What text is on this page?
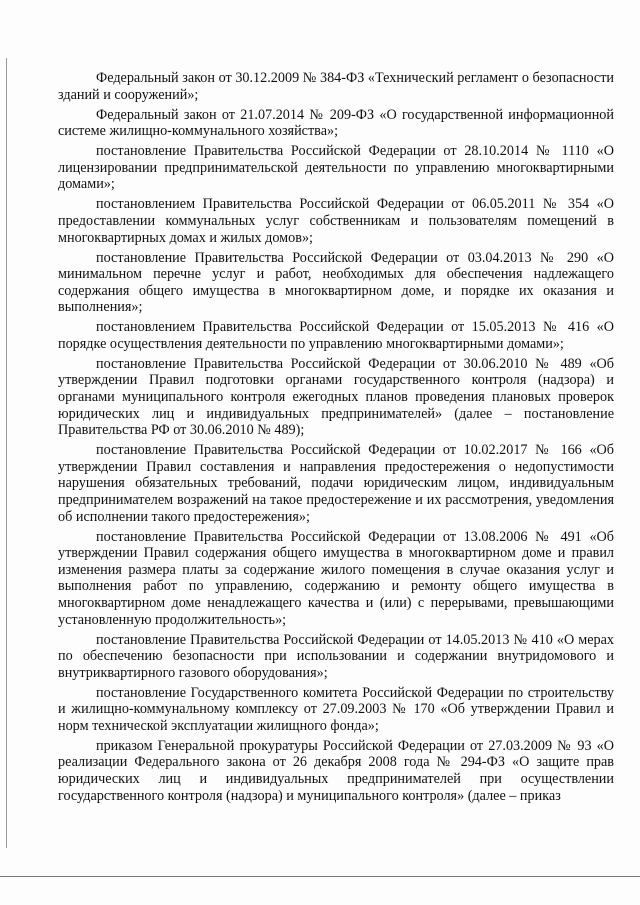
Федеральный закон от 30.12.2009 № 384-ФЗ «Технический регламент о безопасности зданий и сооружений»;

Федеральный закон от 21.07.2014 № 209-ФЗ «О государственной информационной системе жилищно-коммунального хозяйства»;

постановление Правительства Российской Федерации от 28.10.2014 № 1110 «О лицензировании предпринимательской деятельности по управлению многоквартирными домами»;

постановлением Правительства Российской Федерации от 06.05.2011 № 354 «О предоставлении коммунальных услуг собственникам и пользователям помещений в многоквартирных домах и жилых домов»;

постановление Правительства Российской Федерации от 03.04.2013 № 290 «О минимальном перечне услуг и работ, необходимых для обеспечения надлежащего содержания общего имущества в многоквартирном доме, и порядке их оказания и выполнения»;

постановлением Правительства Российской Федерации от 15.05.2013 № 416 «О порядке осуществления деятельности по управлению многоквартирными домами»;

постановление Правительства Российской Федерации от 30.06.2010 № 489 «Об утверждении Правил подготовки органами государственного контроля (надзора) и органами муниципального контроля ежегодных планов проведения плановых проверок юридических лиц и индивидуальных предпринимателей» (далее – постановление Правительства РФ от 30.06.2010 № 489);

постановление Правительства Российской Федерации от 10.02.2017 № 166 «Об утверждении Правил составления и направления предостережения о недопустимости нарушения обязательных требований, подачи юридическим лицом, индивидуальным предпринимателем возражений на такое предостережение и их рассмотрения, уведомления об исполнении такого предостережения»;

постановление Правительства Российской Федерации от 13.08.2006 № 491 «Об утверждении Правил содержания общего имущества в многоквартирном доме и правил изменения размера платы за содержание жилого помещения в случае оказания услуг и выполнения работ по управлению, содержанию и ремонту общего имущества в многоквартирном доме ненадлежащего качества и (или) с перерывами, превышающими установленную продолжительность»;

постановление Правительства Российской Федерации от 14.05.2013 № 410 «О мерах по обеспечению безопасности при использовании и содержании внутридомового и внутриквартирного газового оборудования»;

постановление Государственного комитета Российской Федерации по строительству и жилищно-коммунальному комплексу от 27.09.2003 № 170 «Об утверждении Правил и норм технической эксплуатации жилищного фонда»;

приказом Генеральной прокуратуры Российской Федерации от 27.03.2009 № 93 «О реализации Федерального закона от 26 декабря 2008 года № 294-ФЗ «О защите прав юридических лиц и индивидуальных предпринимателей при осуществлении государственного контроля (надзора) и муниципального контроля» (далее – приказ
